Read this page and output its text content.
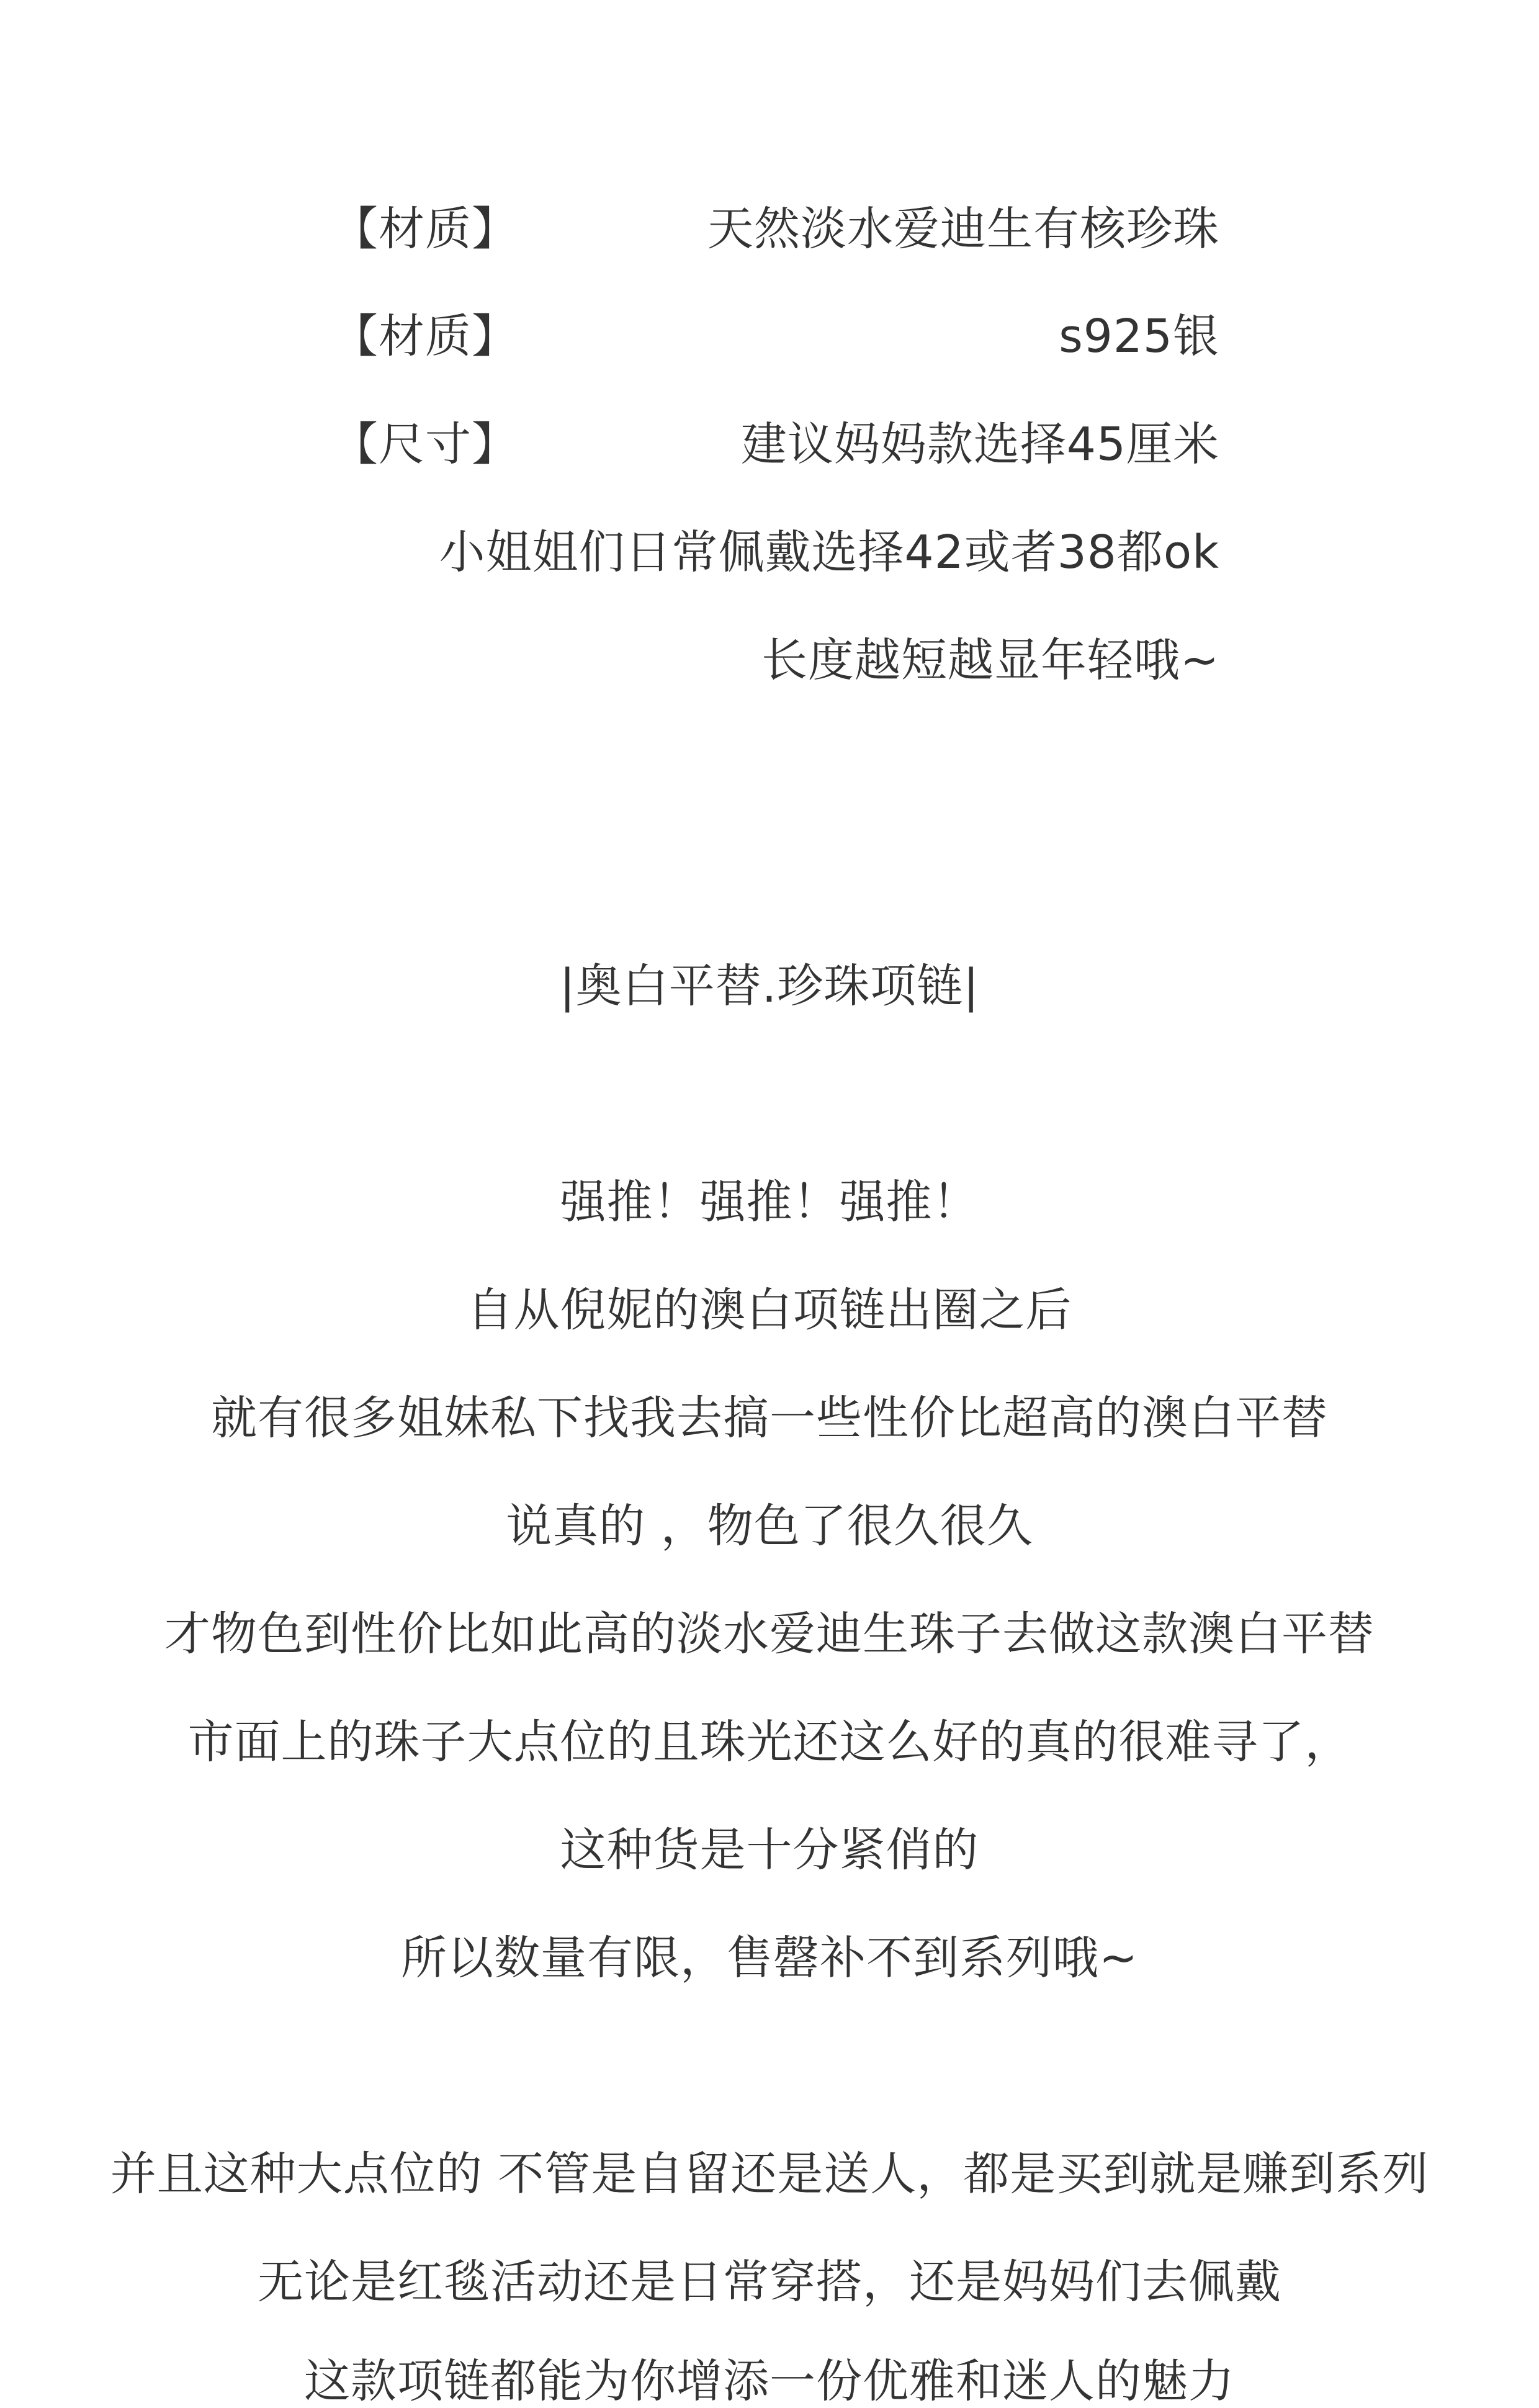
【材质】	天然淡水爱迪生有核珍珠

【材质】	s925银

【尺寸】	建议妈妈款选择45厘米

小姐姐们日常佩戴选择42或者38都ok

长度越短越显年轻哦~

|奥白平替.珍珠项链|

强推！强推！强推！

自从倪妮的澳白项链出圈之后

就有很多姐妹私下找我去搞一些性价比超高的澳白平替

说真的 ，物色了很久很久

才物色到性价比如此高的淡水爱迪生珠子去做这款澳白平替

市面上的珠子大点位的且珠光还这么好的真的很难寻了，

这种货是十分紧俏的

所以数量有限，售罄补不到系列哦~

并且这种大点位的 不管是自留还是送人，都是买到就是赚到系列

无论是红毯活动还是日常穿搭，还是妈妈们去佩戴

这款项链都能为你增添一份优雅和迷人的魅力
